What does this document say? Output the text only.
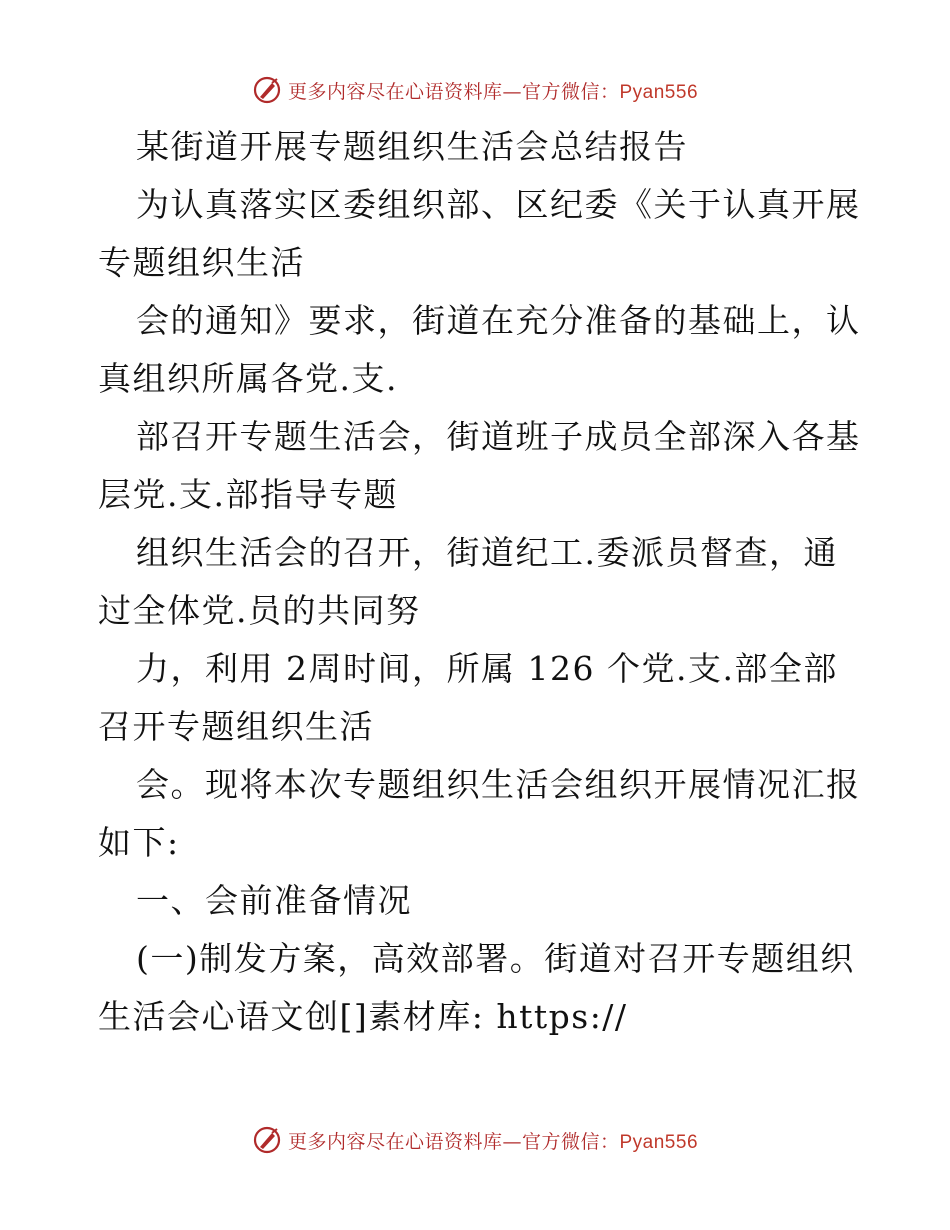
更多内容尽在心语资料库—官方微信：Pyan556
某街道开展专题组织生活会总结报告
为认真落实区委组织部、区纪委《关于认真开展
专题组织生活
会的通知》要求，街道在充分准备的基础上，认
真组织所属各党.支.
部召开专题生活会，街道班子成员全部深入各基
层党.支.部指导专题
组织生活会的召开，街道纪工.委派员督查，通
过全体党.员的共同努
力，利用 2周时间，所属 126 个党.支.部全部
召开专题组织生活
会。现将本次专题组织生活会组织开展情况汇报
如下:
一、会前准备情况
(一)制发方案，高效部署。街道对召开专题组织
生活会心语文创[]素材库: https://
更多内容尽在心语资料库—官方微信：Pyan556
